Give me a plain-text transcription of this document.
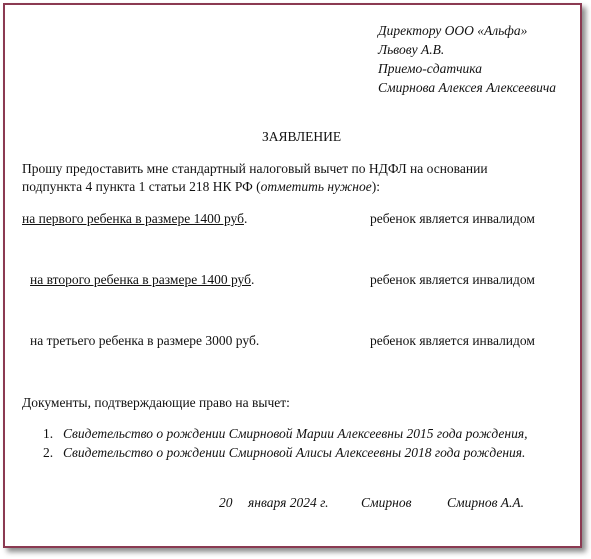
Директору ООО «Альфа»
Львову А.В.
Приемо-сдатчика
Смирнова Алексея Алексеевича
ЗАЯВЛЕНИЕ
Прошу предоставить мне стандартный налоговый вычет по НДФЛ на основании
подпункта 4 пункта 1 статьи 218 НК РФ (отметить нужное):
на первого ребенка в размере 1400 руб.	ребенок является инвалидом
на второго ребенка в размере 1400 руб.	ребенок является инвалидом
на третьего ребенка в размере 3000 руб.	ребенок является инвалидом
Документы, подтверждающие право на вычет:
1. Свидетельство о рождении Смирновой Марии Алексеевны 2015 года рождения,
2. Свидетельство о рождении Смирновой Алисы Алексеевны 2018 года рождения.
20 января 2024 г. Смирнов	Смирнов А.А.
